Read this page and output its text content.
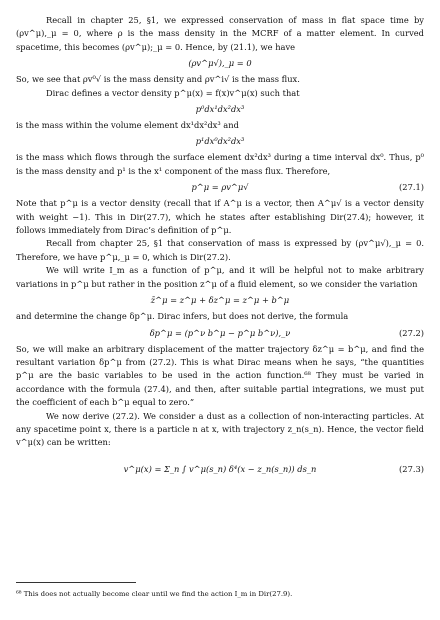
Recall in chapter 25, §1, we expressed conservation of mass in flat space time by (ρv^μ),_μ = 0, where ρ is the mass density in the MCRF of a matter element. In curved spacetime, this becomes (ρv^μ);_μ = 0. Hence, by (21.1), we have

(ρv^μ√),_μ = 0

So, we see that ρv⁰√ is the mass density and ρv^i√ is the mass flux.

Dirac defines a vector density p^μ(x) = f(x)v^μ(x) such that

p⁰dx¹dx²dx³

is the mass within the volume element dx¹dx²dx³ and

p¹dx⁰dx²dx³

is the mass which flows through the surface element dx²dx³ during a time interval dx⁰. Thus, p⁰ is the mass density and p¹ is the x¹ component of the mass flux. Therefore,

p^μ = ρv^μ√	(27.1)

Note that p^μ is a vector density (recall that if A^μ is a vector, then A^μ√ is a vector density with weight −1). This in Dir(27.7), which he states after establishing Dir(27.4); however, it follows immediately from Dirac’s definition of p^μ.

Recall from chapter 25, §1 that conservation of mass is expressed by (ρv^μ√),_μ = 0. Therefore, we have p^μ,_μ = 0, which is Dir(27.2).

We will write I_m as a function of p^μ, and it will be helpful not to make arbitrary variations in p^μ but rather in the position z^μ of a fluid element, so we consider the variation

z̄^μ = z^μ + δz^μ = z^μ + b^μ

and determine the change δp^μ. Dirac infers, but does not derive, the formula

δp^μ = (p^ν b^μ − p^μ b^ν),_ν	(27.2)

So, we will make an arbitrary displacement of the matter trajectory δz^μ = b^μ, and find the resultant variation δp^μ from (27.2). This is what Dirac means when he says, “the quantities p^μ are the basic variables to be used in the action function.⁶⁸ They must be varied in accordance with the formula (27.4), and then, after suitable partial integrations, we must put the coefficient of each b^μ equal to zero.”

We now derive (27.2). We consider a dust as a collection of non-interacting particles. At any spacetime point x, there is a particle n at x, with trajectory z_n(s_n). Hence, the vector field v^μ(x) can be written:

v^μ(x) = Σ_n ∫ v^μ(s_n) δ⁴(x − z_n(s_n)) ds_n	(27.3)
⁶⁸ This does not actually become clear until we find the action I_m in Dir(27.9).
